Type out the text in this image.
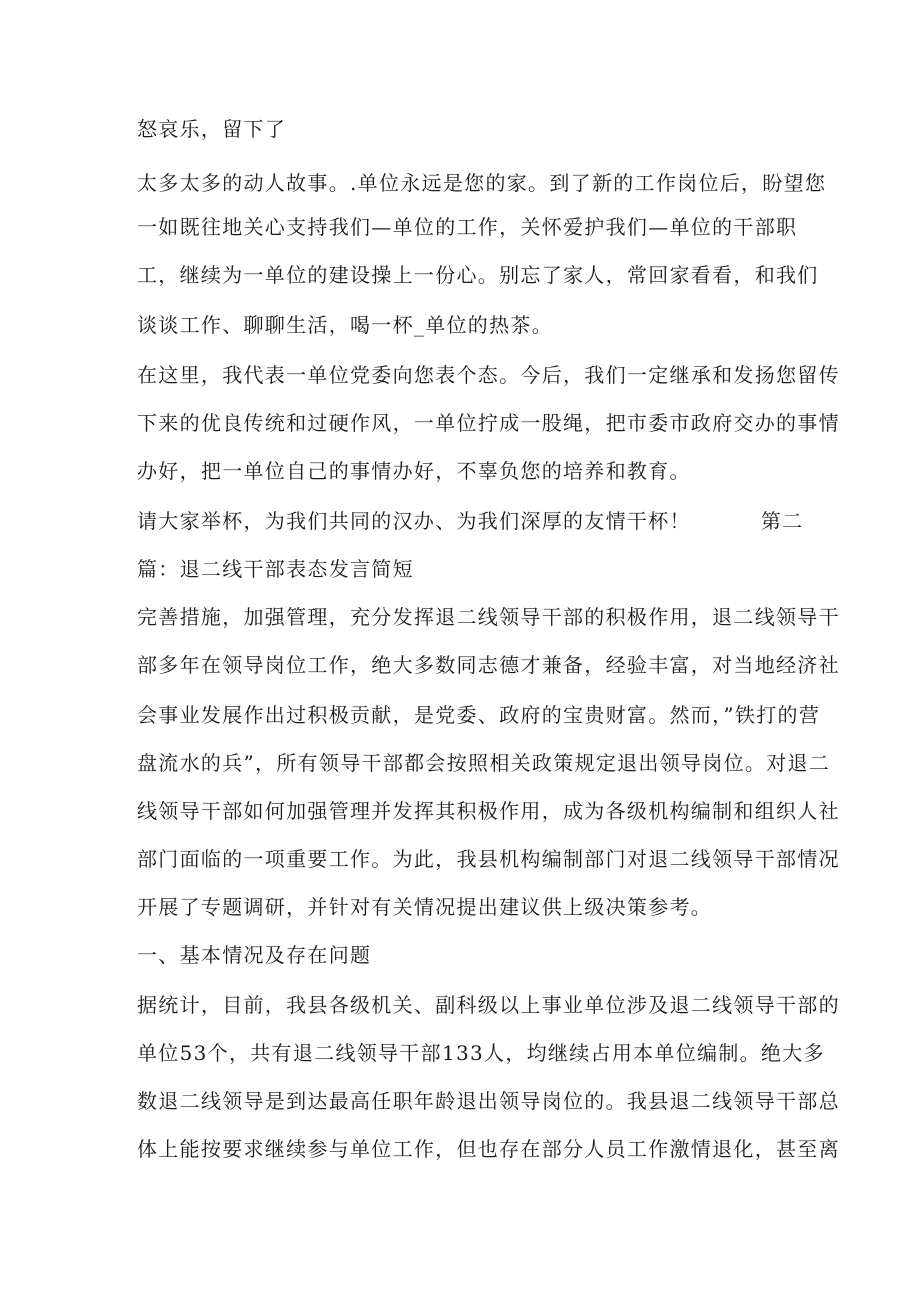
怒哀乐，留下了
太多太多的动人故事。.单位永远是您的家。到了新的工作岗位后，盼望您
一如既往地关心支持我们—单位的工作，关怀爱护我们—单位的干部职
工，继续为一单位的建设操上一份心。别忘了家人，常回家看看，和我们
谈谈工作、聊聊生活，喝一杯_单位的热茶。
在这里，我代表一单位党委向您表个态。今后，我们一定继承和发扬您留传
下来的优良传统和过硬作风，一单位拧成一股绳，把市委市政府交办的事情
办好，把一单位自己的事情办好，不辜负您的培养和教育。
请大家举杯，为我们共同的汉办、为我们深厚的友情干杯！	第二
篇：退二线干部表态发言简短
完善措施，加强管理，充分发挥退二线领导干部的积极作用，退二线领导干
部多年在领导岗位工作，绝大多数同志德才兼备，经验丰富，对当地经济社
会事业发展作出过积极贡献，是党委、政府的宝贵财富。然而，”铁打的营
盘流水的兵”，所有领导干部都会按照相关政策规定退出领导岗位。对退二
线领导干部如何加强管理并发挥其积极作用，成为各级机构编制和组织人社
部门面临的一项重要工作。为此，我县机构编制部门对退二线领导干部情况
开展了专题调研，并针对有关情况提出建议供上级决策参考。
一、基本情况及存在问题
据统计，目前，我县各级机关、副科级以上事业单位涉及退二线领导干部的
单位53个，共有退二线领导干部133人，均继续占用本单位编制。绝大多
数退二线领导是到达最高任职年龄退出领导岗位的。我县退二线领导干部总
体上能按要求继续参与单位工作，但也存在部分人员工作激情退化，甚至离
